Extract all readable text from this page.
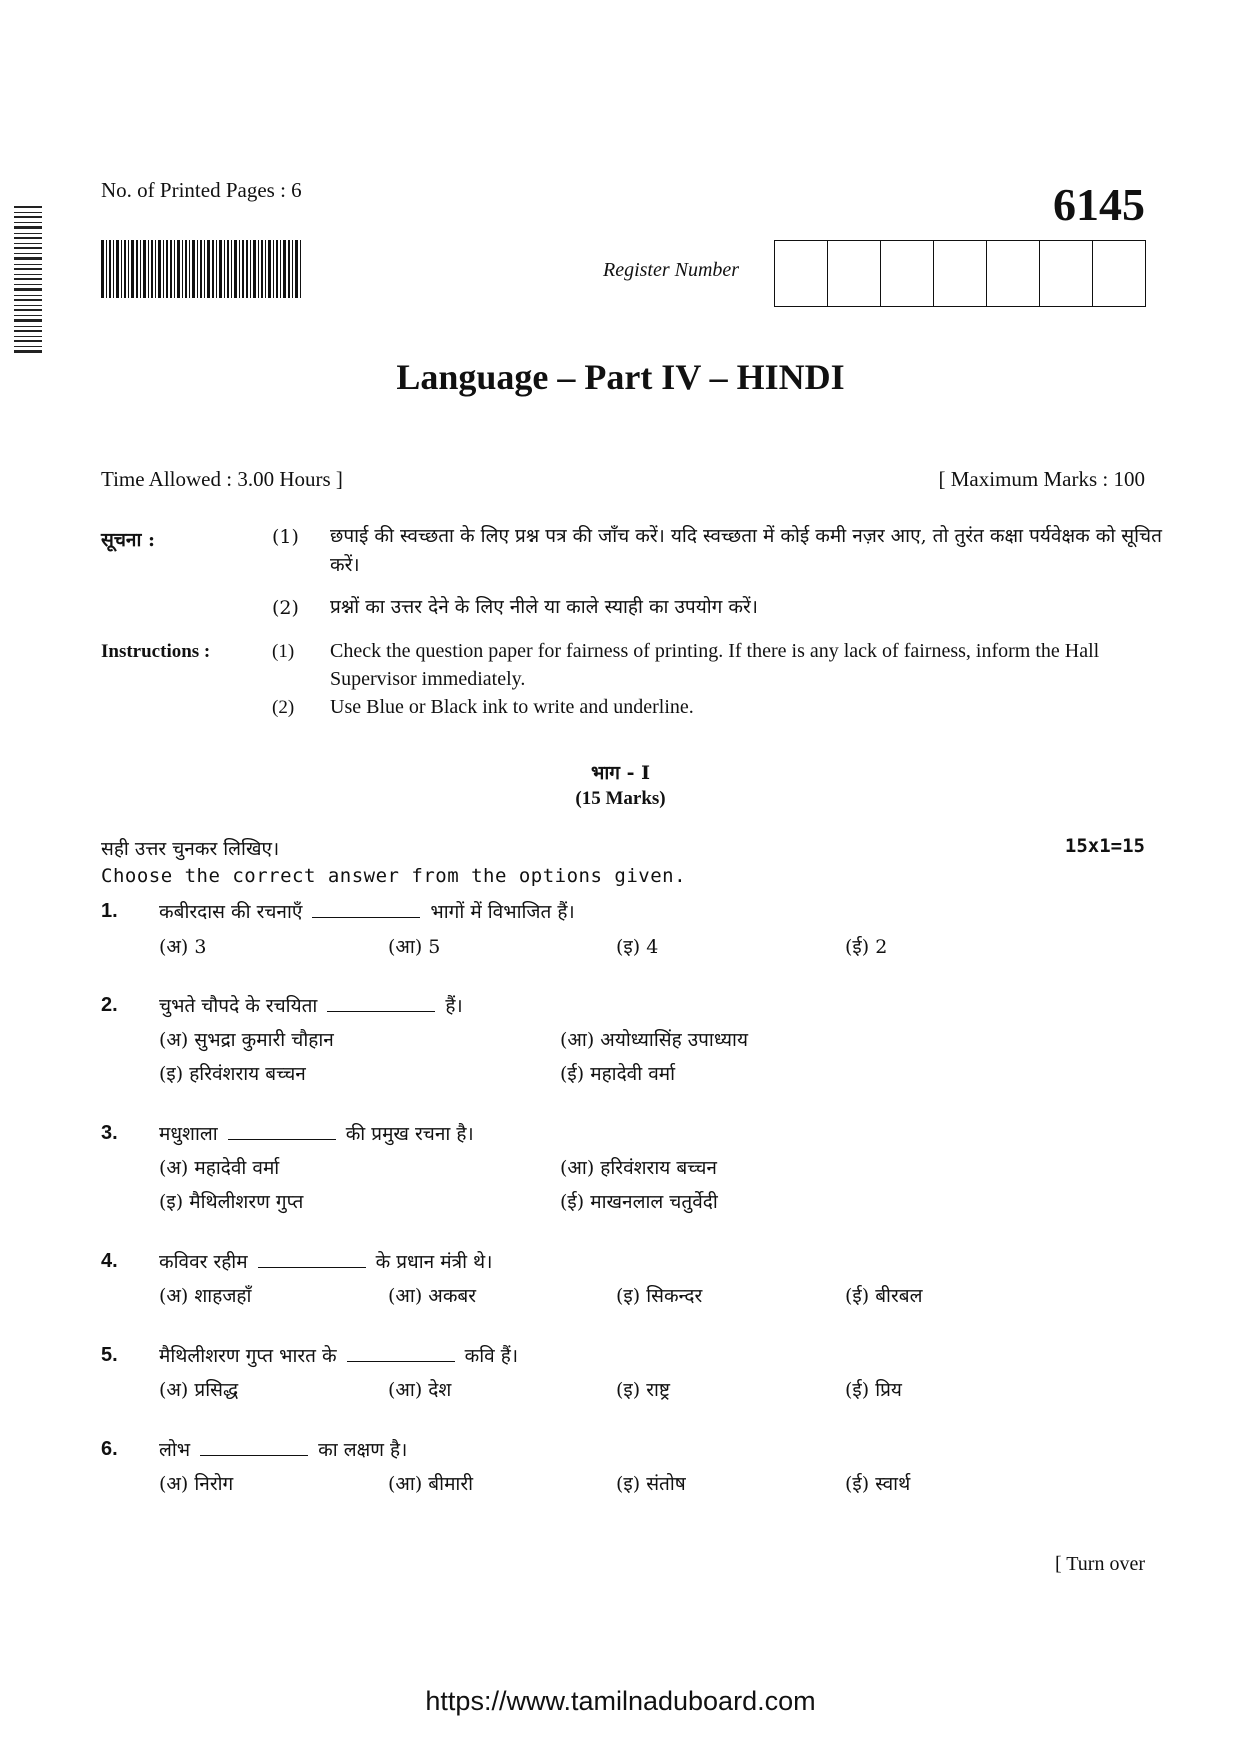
No. of Printed Pages : 6	6145
Register Number
Language – Part IV – HINDI
Time Allowed : 3.00 Hours ]	[ Maximum Marks : 100
सूचना :	(1) छपाई की स्वच्छता के लिए प्रश्न पत्र की जाँच करें। यदि स्वच्छता में कोई कमी नज़र आए, तो तुरंत कक्षा पर्यवेक्षक को सूचित करें।
(2) प्रश्नों का उत्तर देने के लिए नीले या काले स्याही का उपयोग करें।
Instructions :	(1) Check the question paper for fairness of printing. If there is any lack of fairness, inform the Hall Supervisor immediately.
(2) Use Blue or Black ink to write and underline.
भाग - I
(15 Marks)
सही उत्तर चुनकर लिखिए।
Choose the correct answer from the options given.
15x1=15
1. कबीरदास की रचनाएँ	भागों में विभाजित हैं।
(अ) 3	(आ) 5	(इ) 4	(ई) 2
2. चुभते चौपदे के रचयिता	हैं।
(अ) सुभद्रा कुमारी चौहान	(आ) अयोध्यासिंह उपाध्याय
(इ) हरिवंशराय बच्चन	(ई) महादेवी वर्मा
3. मधुशाला	की प्रमुख रचना है।
(अ) महादेवी वर्मा	(आ) हरिवंशराय बच्चन
(इ) मैथिलीशरण गुप्त	(ई) माखनलाल चतुर्वेदी
4. कविवर रहीम	के प्रधान मंत्री थे।
(अ) शाहजहाँ	(आ) अकबर	(इ) सिकन्दर	(ई) बीरबल
5. मैथिलीशरण गुप्त भारत के	कवि हैं।
(अ) प्रसिद्ध	(आ) देश	(इ) राष्ट्र	(ई) प्रिय
6. लोभ	का लक्षण है।
(अ) निरोग	(आ) बीमारी	(इ) संतोष	(ई) स्वार्थ
[ Turn over
https://www.tamilnaduboard.com
